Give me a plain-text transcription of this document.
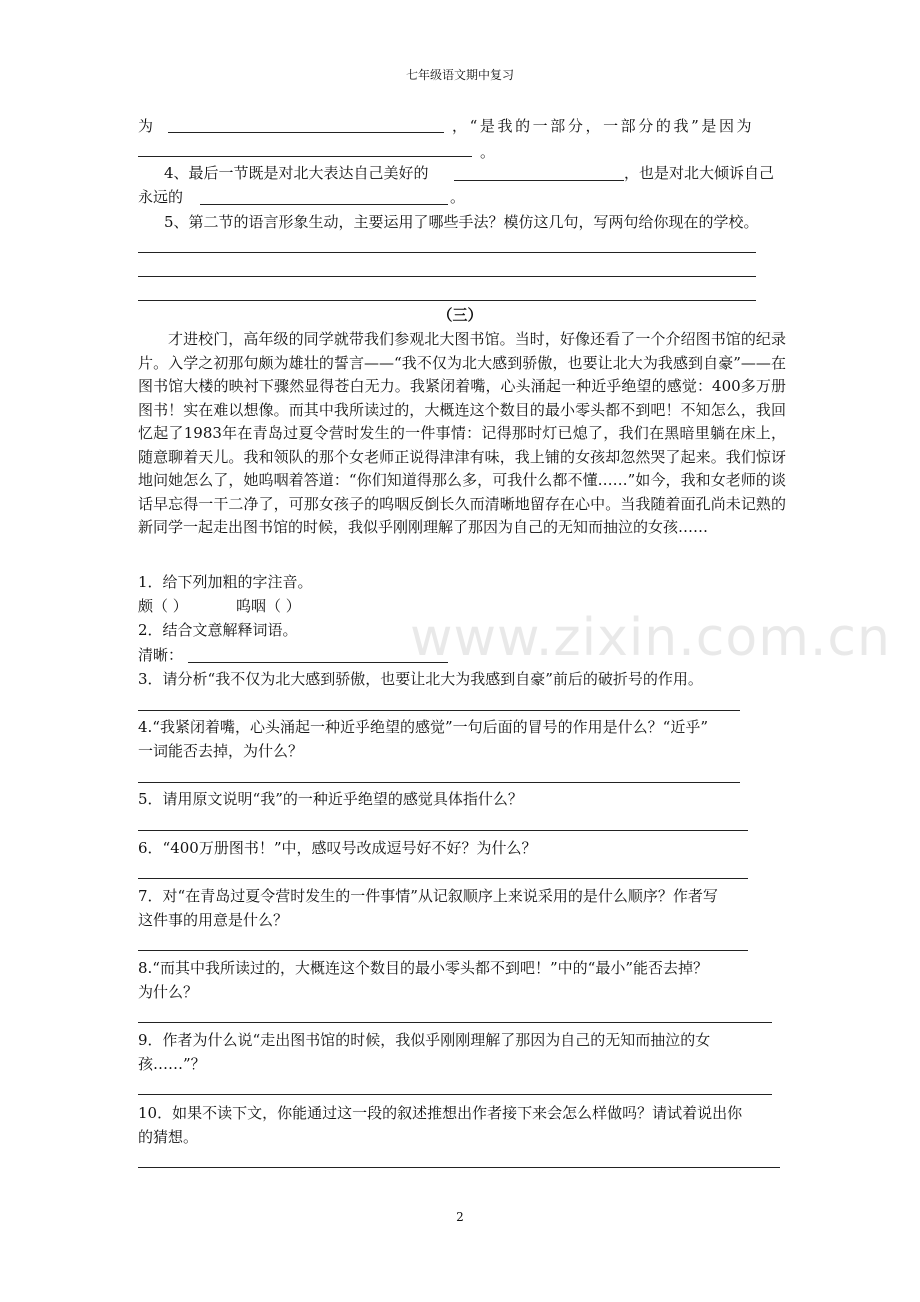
七年级语文期中复习
www.zixin.com.cn
为	，“是我的一部分，一部分的我”是因为
。
4、最后一节既是对北大表达自己美好的	，也是对北大倾诉自己
永远的	。
5、第二节的语言形象生动，主要运用了哪些手法？模仿这几句，写两句给你现在的学校。
（三）
才进校门，高年级的同学就带我们参观北大图书馆。当时，好像还看了一个介绍图书馆的纪录片。入学之初那句颇为雄壮的誓言——“我不仅为北大感到骄傲，也要让北大为我感到自豪”——在图书馆大楼的映衬下骤然显得苍白无力。我紧闭着嘴，心头涌起一种近乎绝望的感觉：400多万册图书！实在难以想像。而其中我所读过的，大概连这个数目的最小零头都不到吧！不知怎么，我回忆起了1983年在青岛过夏令营时发生的一件事情：记得那时灯已熄了，我们在黑暗里躺在床上，随意聊着天儿。我和领队的那个女老师正说得津津有味，我上铺的女孩却忽然哭了起来。我们惊讶地问她怎么了，她呜咽着答道：“你们知道得那么多，可我什么都不懂……”如今，我和女老师的谈话早忘得一干二净了，可那女孩子的呜咽反倒长久而清晰地留存在心中。当我随着面孔尚未记熟的新同学一起走出图书馆的时候，我似乎刚刚理解了那因为自己的无知而抽泣的女孩……
1．给下列加粗的字注音。
颇（ ）	呜咽（ ）
2．结合文意解释词语。
清晰：
3．请分析“我不仅为北大感到骄傲，也要让北大为我感到自豪”前后的破折号的作用。
4.“我紧闭着嘴，心头涌起一种近乎绝望的感觉”一句后面的冒号的作用是什么？“近乎”
一词能否去掉，为什么？
5．请用原文说明“我”的一种近乎绝望的感觉具体指什么？
6．“400万册图书！”中，感叹号改成逗号好不好？为什么？
7．对“在青岛过夏令营时发生的一件事情”从记叙顺序上来说采用的是什么顺序？作者写
这件事的用意是什么？
8.“而其中我所读过的，大概连这个数目的最小零头都不到吧！”中的“最小”能否去掉？
为什么？
9．作者为什么说“走出图书馆的时候，我似乎刚刚理解了那因为自己的无知而抽泣的女
孩……”？
10．如果不读下文，你能通过这一段的叙述推想出作者接下来会怎么样做吗？请试着说出你
的猜想。
2
